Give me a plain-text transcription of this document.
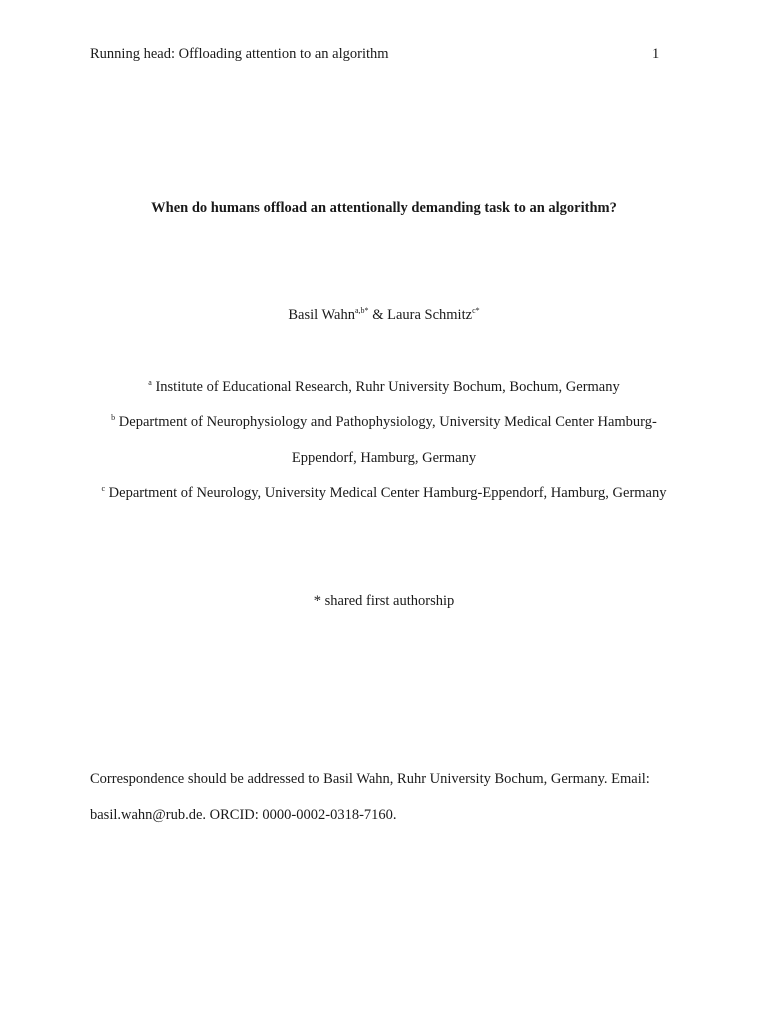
Running head: Offloading attention to an algorithm	1
When do humans offload an attentionally demanding task to an algorithm?
Basil Wahn$^{a,b*}$ & Laura Schmitz$^{c*}$
$^a$ Institute of Educational Research, Ruhr University Bochum, Bochum, Germany
$^b$ Department of Neurophysiology and Pathophysiology, University Medical Center Hamburg-
Eppendorf, Hamburg, Germany
$^c$ Department of Neurology, University Medical Center Hamburg-Eppendorf, Hamburg, Germany
* shared first authorship
Correspondence should be addressed to Basil Wahn, Ruhr University Bochum, Germany. Email:
basil.wahn@rub.de. ORCID: 0000-0002-0318-7160.
